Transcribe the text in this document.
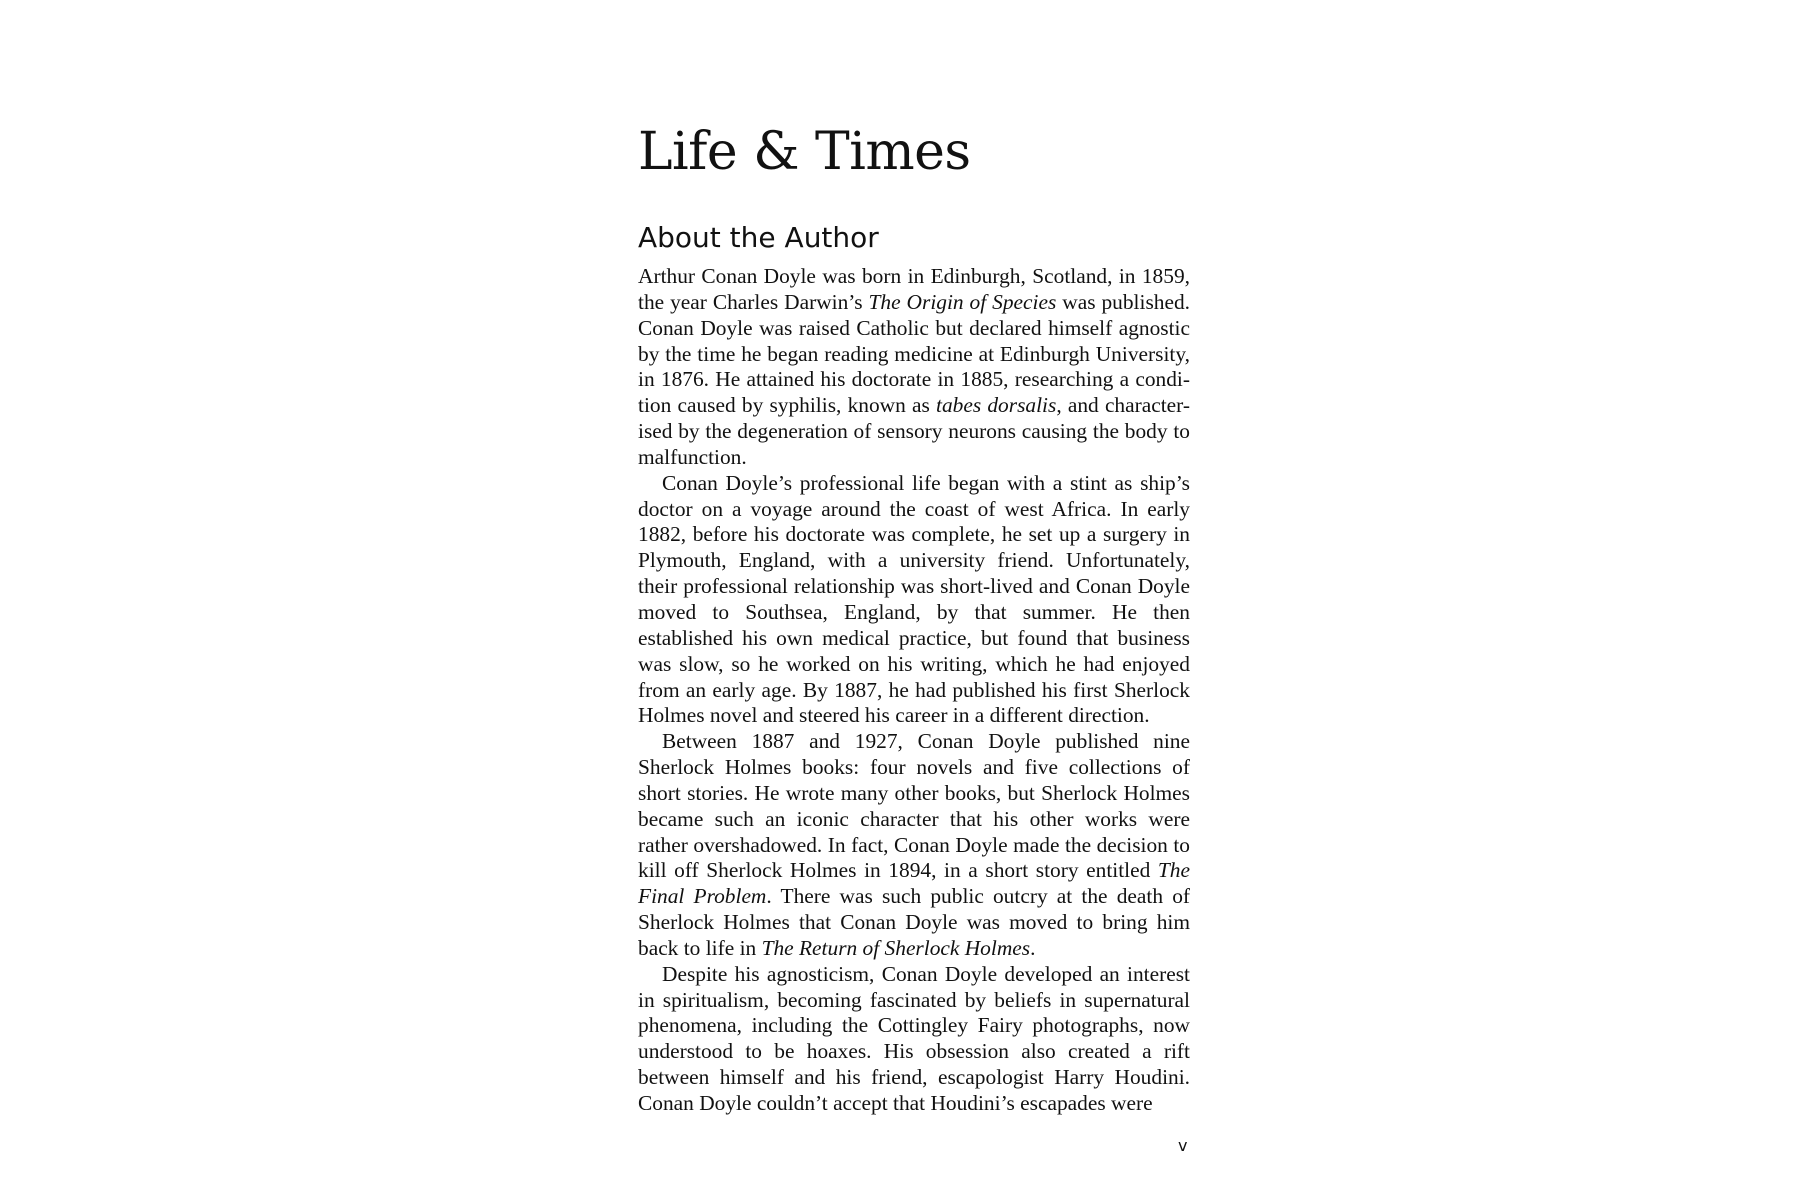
Life & Times
About the Author

Arthur Conan Doyle was born in Edinburgh, Scotland, in 1859, the year Charles Darwin’s The Origin of Species was published. Conan Doyle was raised Catholic but declared himself agnostic by the time he began reading medicine at Edinburgh University, in 1876. He attained his doctorate in 1885, researching a condi-tion caused by syphilis, known as tabes dorsalis, and character-ised by the degeneration of sensory neurons causing the body to malfunction.

Conan Doyle’s professional life began with a stint as ship’s doctor on a voyage around the coast of west Africa. In early 1882, before his doctorate was complete, he set up a surgery in Plymouth, England, with a university friend. Unfortunately, their professional relationship was short-lived and Conan Doyle moved to Southsea, England, by that summer. He then established his own medical practice, but found that business was slow, so he worked on his writing, which he had enjoyed from an early age. By 1887, he had published his first Sherlock Holmes novel and steered his career in a different direction.

Between 1887 and 1927, Conan Doyle published nine Sherlock Holmes books: four novels and five collections of short stories. He wrote many other books, but Sherlock Holmes became such an iconic character that his other works were rather overshadowed. In fact, Conan Doyle made the decision to kill off Sherlock Holmes in 1894, in a short story entitled The Final Problem. There was such public outcry at the death of Sherlock Holmes that Conan Doyle was moved to bring him back to life in The Return of Sherlock Holmes.

Despite his agnosticism, Conan Doyle developed an interest in spiritualism, becoming fascinated by beliefs in supernatural phenomena, including the Cottingley Fairy photographs, now understood to be hoaxes. His obsession also created a rift between himself and his friend, escapologist Harry Houdini. Conan Doyle couldn’t accept that Houdini’s escapades were

v
